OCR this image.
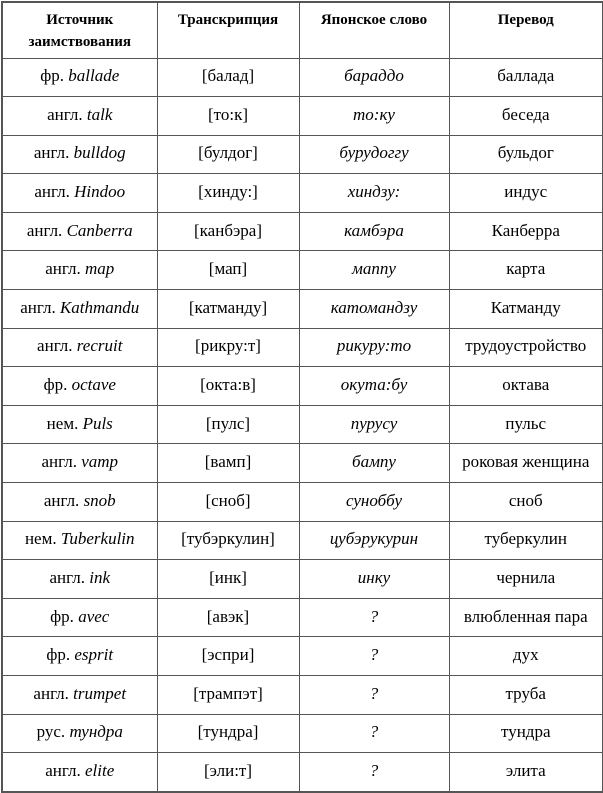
Источник заимствования	Транскрипция	Японское слово	Перевод
фр. ballade	[балад]	бараддо	баллада
англ. talk	[то:к]	то:ку	беседа
англ. bulldog	[булдог]	бурудоггу	бульдог
англ. Hindoo	[хинду:]	хиндзу:	индус
англ. Canberra	[канбэра]	камбэра	Канберра
англ. map	[мап]	маппу	карта
англ. Kathmandu	[катманду]	катомандзу	Катманду
англ. recruit	[рикру:т]	рикуру:то	трудоустройство
фр. octave	[окта:в]	окута:бу	октава
нем. Puls	[пулс]	пурусу	пульс
англ. vamp	[вамп]	бампу	роковая женщина
англ. snob	[сноб]	суноббу	сноб
нем. Tuberkulin	[тубэркулин]	цубэрукурин	туберкулин
англ. ink	[инк]	инку	чернила
фр. avec	[авэк]	?	влюбленная пара
фр. esprit	[эспри]	?	дух
англ. trumpet	[трампэт]	?	труба
рус. тундра	[тундра]	?	тундра
англ. elite	[эли:т]	?	элита
